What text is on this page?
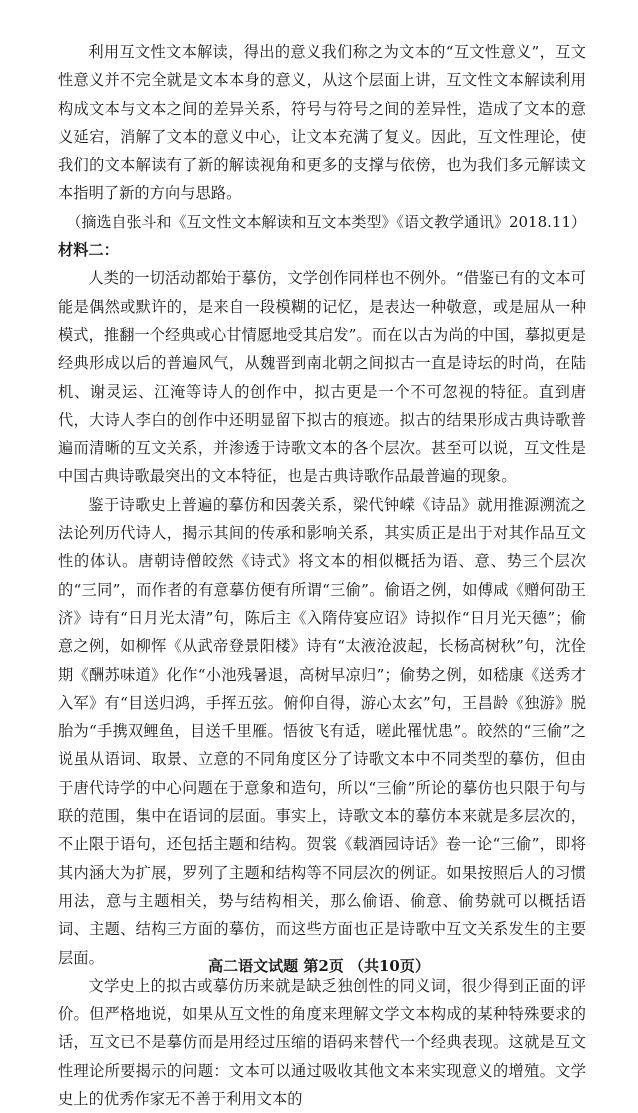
利用互文性文本解读，得出的意义我们称之为文本的“互文性意义”，互文性意义并不完全就是文本本身的意义，从这个层面上讲，互文性文本解读利用构成文本与文本之间的差异关系，符号与符号之间的差异性，造成了文本的意义延宕，消解了文本的意义中心，让文本充满了复义。因此，互文性理论，使我们的文本解读有了新的解读视角和更多的支撑与依傍，也为我们多元解读文本指明了新的方向与思路。

（摘选自张斗和《互文性文本解读和互文本类型》《语文教学通讯》2018.11）

材料二：

人类的一切活动都始于摹仿，文学创作同样也不例外。“借鉴已有的文本可能是偶然或默许的，是来自一段模糊的记忆，是表达一种敬意，或是屈从一种模式，推翻一个经典或心甘情愿地受其启发”。而在以古为尚的中国，摹拟更是经典形成以后的普遍风气，从魏晋到南北朝之间拟古一直是诗坛的时尚，在陆机、谢灵运、江淹等诗人的创作中，拟古更是一个不可忽视的特征。直到唐代，大诗人李白的创作中还明显留下拟古的痕迹。拟古的结果形成古典诗歌普遍而清晰的互文关系，并渗透于诗歌文本的各个层次。甚至可以说，互文性是中国古典诗歌最突出的文本特征，也是古典诗歌作品最普遍的现象。

鉴于诗歌史上普遍的摹仿和因袭关系，梁代钟嵘《诗品》就用推源溯流之法论列历代诗人，揭示其间的传承和影响关系，其实质正是出于对其作品互文性的体认。唐朝诗僧皎然《诗式》将文本的相似概括为语、意、势三个层次的“三同”，而作者的有意摹仿便有所谓“三偷”。偷语之例，如傅咸《赠何劭王济》诗有“日月光太清”句，陈后主《入隋侍宴应诏》诗拟作“日月光天德”；偷意之例，如柳恽《从武帝登景阳楼》诗有“太液沧波起，长杨高树秋”句，沈佺期《酬苏味道》化作“小池残暑退，高树早凉归”；偷势之例，如嵇康《送秀才入军》有“目送归鸿，手挥五弦。俯仰自得，游心太玄”句，王昌龄《独游》脱胎为“手携双鲤鱼，目送千里雁。悟彼飞有适，嗟此罹忧患”。皎然的“三偷”之说虽从语词、取景、立意的不同角度区分了诗歌文本中不同类型的摹仿，但由于唐代诗学的中心问题在于意象和造句，所以“三偷”所论的摹仿也只限于句与联的范围，集中在语词的层面。事实上，诗歌文本的摹仿本来就是多层次的，不止限于语句，还包括主题和结构。贺裳《载酒园诗话》卷一论“三偷”，即将其内涵大为扩展，罗列了主题和结构等不同层次的例证。如果按照后人的习惯用法，意与主题相关，势与结构相关，那么偷语、偷意、偷势就可以概括语词、主题、结构三方面的摹仿，而这些方面也正是诗歌中互文关系发生的主要层面。

文学史上的拟古或摹仿历来就是缺乏独创性的同义词，很少得到正面的评价。但严格地说，如果从互文性的角度来理解文学文本构成的某种特殊要求的话，互文已不是摹仿而是用经过压缩的语码来替代一个经典表现。这就是互文性理论所要揭示的问题：文本可以通过吸收其他文本来实现意义的增殖。文学史上的优秀作家无不善于利用文本的

高二语文试题 第2页 （共10页）
